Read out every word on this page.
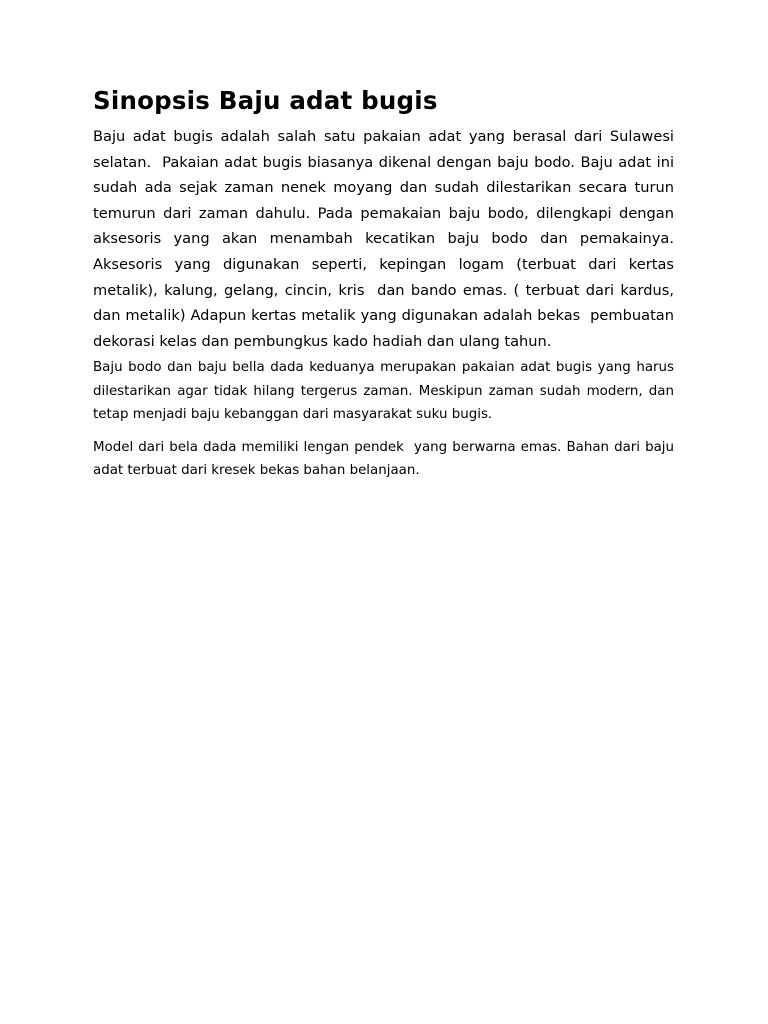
Sinopsis Baju adat bugis

Baju adat bugis adalah salah satu pakaian adat yang berasal dari Sulawesi selatan.  Pakaian adat bugis biasanya dikenal dengan baju bodo. Baju adat ini sudah ada sejak zaman nenek moyang dan sudah dilestarikan secara turun temurun dari zaman dahulu. Pada pemakaian baju bodo, dilengkapi dengan aksesoris yang akan menambah kecatikan baju bodo dan pemakainya. Aksesoris yang digunakan seperti, kepingan logam (terbuat dari kertas metalik), kalung, gelang, cincin, kris  dan bando emas. ( terbuat dari kardus, dan metalik) Adapun kertas metalik yang digunakan adalah bekas  pembuatan dekorasi kelas dan pembungkus kado hadiah dan ulang tahun.

Baju bodo dan baju bella dada keduanya merupakan pakaian adat bugis yang harus dilestarikan agar tidak hilang tergerus zaman. Meskipun zaman sudah modern, dan tetap menjadi baju kebanggan dari masyarakat suku bugis.

Model dari bela dada memiliki lengan pendek  yang berwarna emas. Bahan dari baju adat terbuat dari kresek bekas bahan belanjaan.
